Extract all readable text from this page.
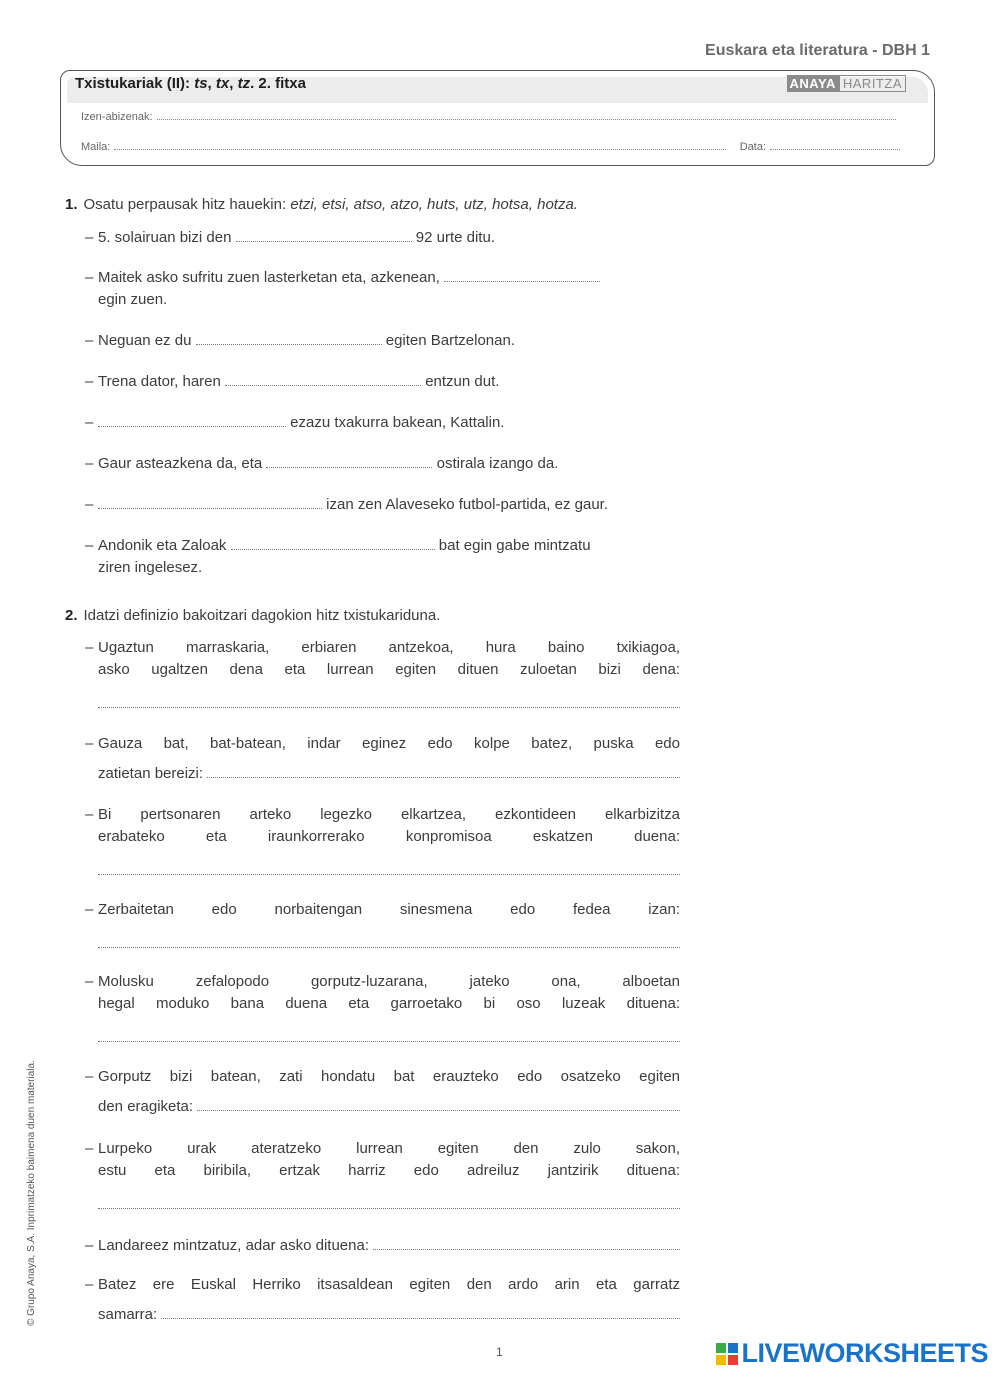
Euskara eta literatura - DBH 1
Txistukariak (II): ts, tx, tz. 2. fitxa	ANAYA HARITZA
Izen-abizenak:
Maila:	Data:
1. Osatu perpausak hitz hauekin: etzi, etsi, atso, atzo, huts, utz, hotsa, hotza.
– 5. solairuan bizi den	92 urte ditu.
– Maitek asko sufritu zuen lasterketan eta, azkenean,
egin zuen.
– Neguan ez du	egiten Bartzelonan.
– Trena dator, haren	entzun dut.
–	ezazu txakurra bakean, Kattalin.
– Gaur asteazkena da, eta	ostirala izango da.
–	izan zen Alaveseko futbol-partida, ez gaur.
– Andonik eta Zaloak	bat egin gabe mintzatu
ziren ingelesez.
2. Idatzi definizio bakoitzari dagokion hitz txistukariduna.
– Ugaztun marraskaria, erbiaren antzekoa, hura baino txikiagoa,
asko ugaltzen dena eta lurrean egiten dituen zuloetan bizi dena:
– Gauza bat, bat-batean, indar eginez edo kolpe batez, puska edo
zatietan bereizi:
– Bi pertsonaren arteko legezko elkartzea, ezkontideen elkarbizitza
erabateko eta iraunkorrerako konpromisoa eskatzen duena:
– Zerbaitetan edo norbaitengan sinesmena edo fedea izan:
– Molusku zefalopodo gorputz-luzarana, jateko ona, alboetan
hegal moduko bana duena eta garroetako bi oso luzeak dituena:
– Gorputz bizi batean, zati hondatu bat erauzteko edo osatzeko egiten
den eragiketa:
– Lurpeko urak ateratzeko lurrean egiten den zulo sakon,
estu eta biribila, ertzak harriz edo adreiluz jantzirik dituena:
– Landareez mintzatuz, adar asko dituena:
– Batez ere Euskal Herriko itsasaldean egiten den ardo arin eta garratz
samarra:
© Grupo Anaya, S.A. Inprimatzeko baimena duen materiala.
1	LIVEWORKSHEETS
